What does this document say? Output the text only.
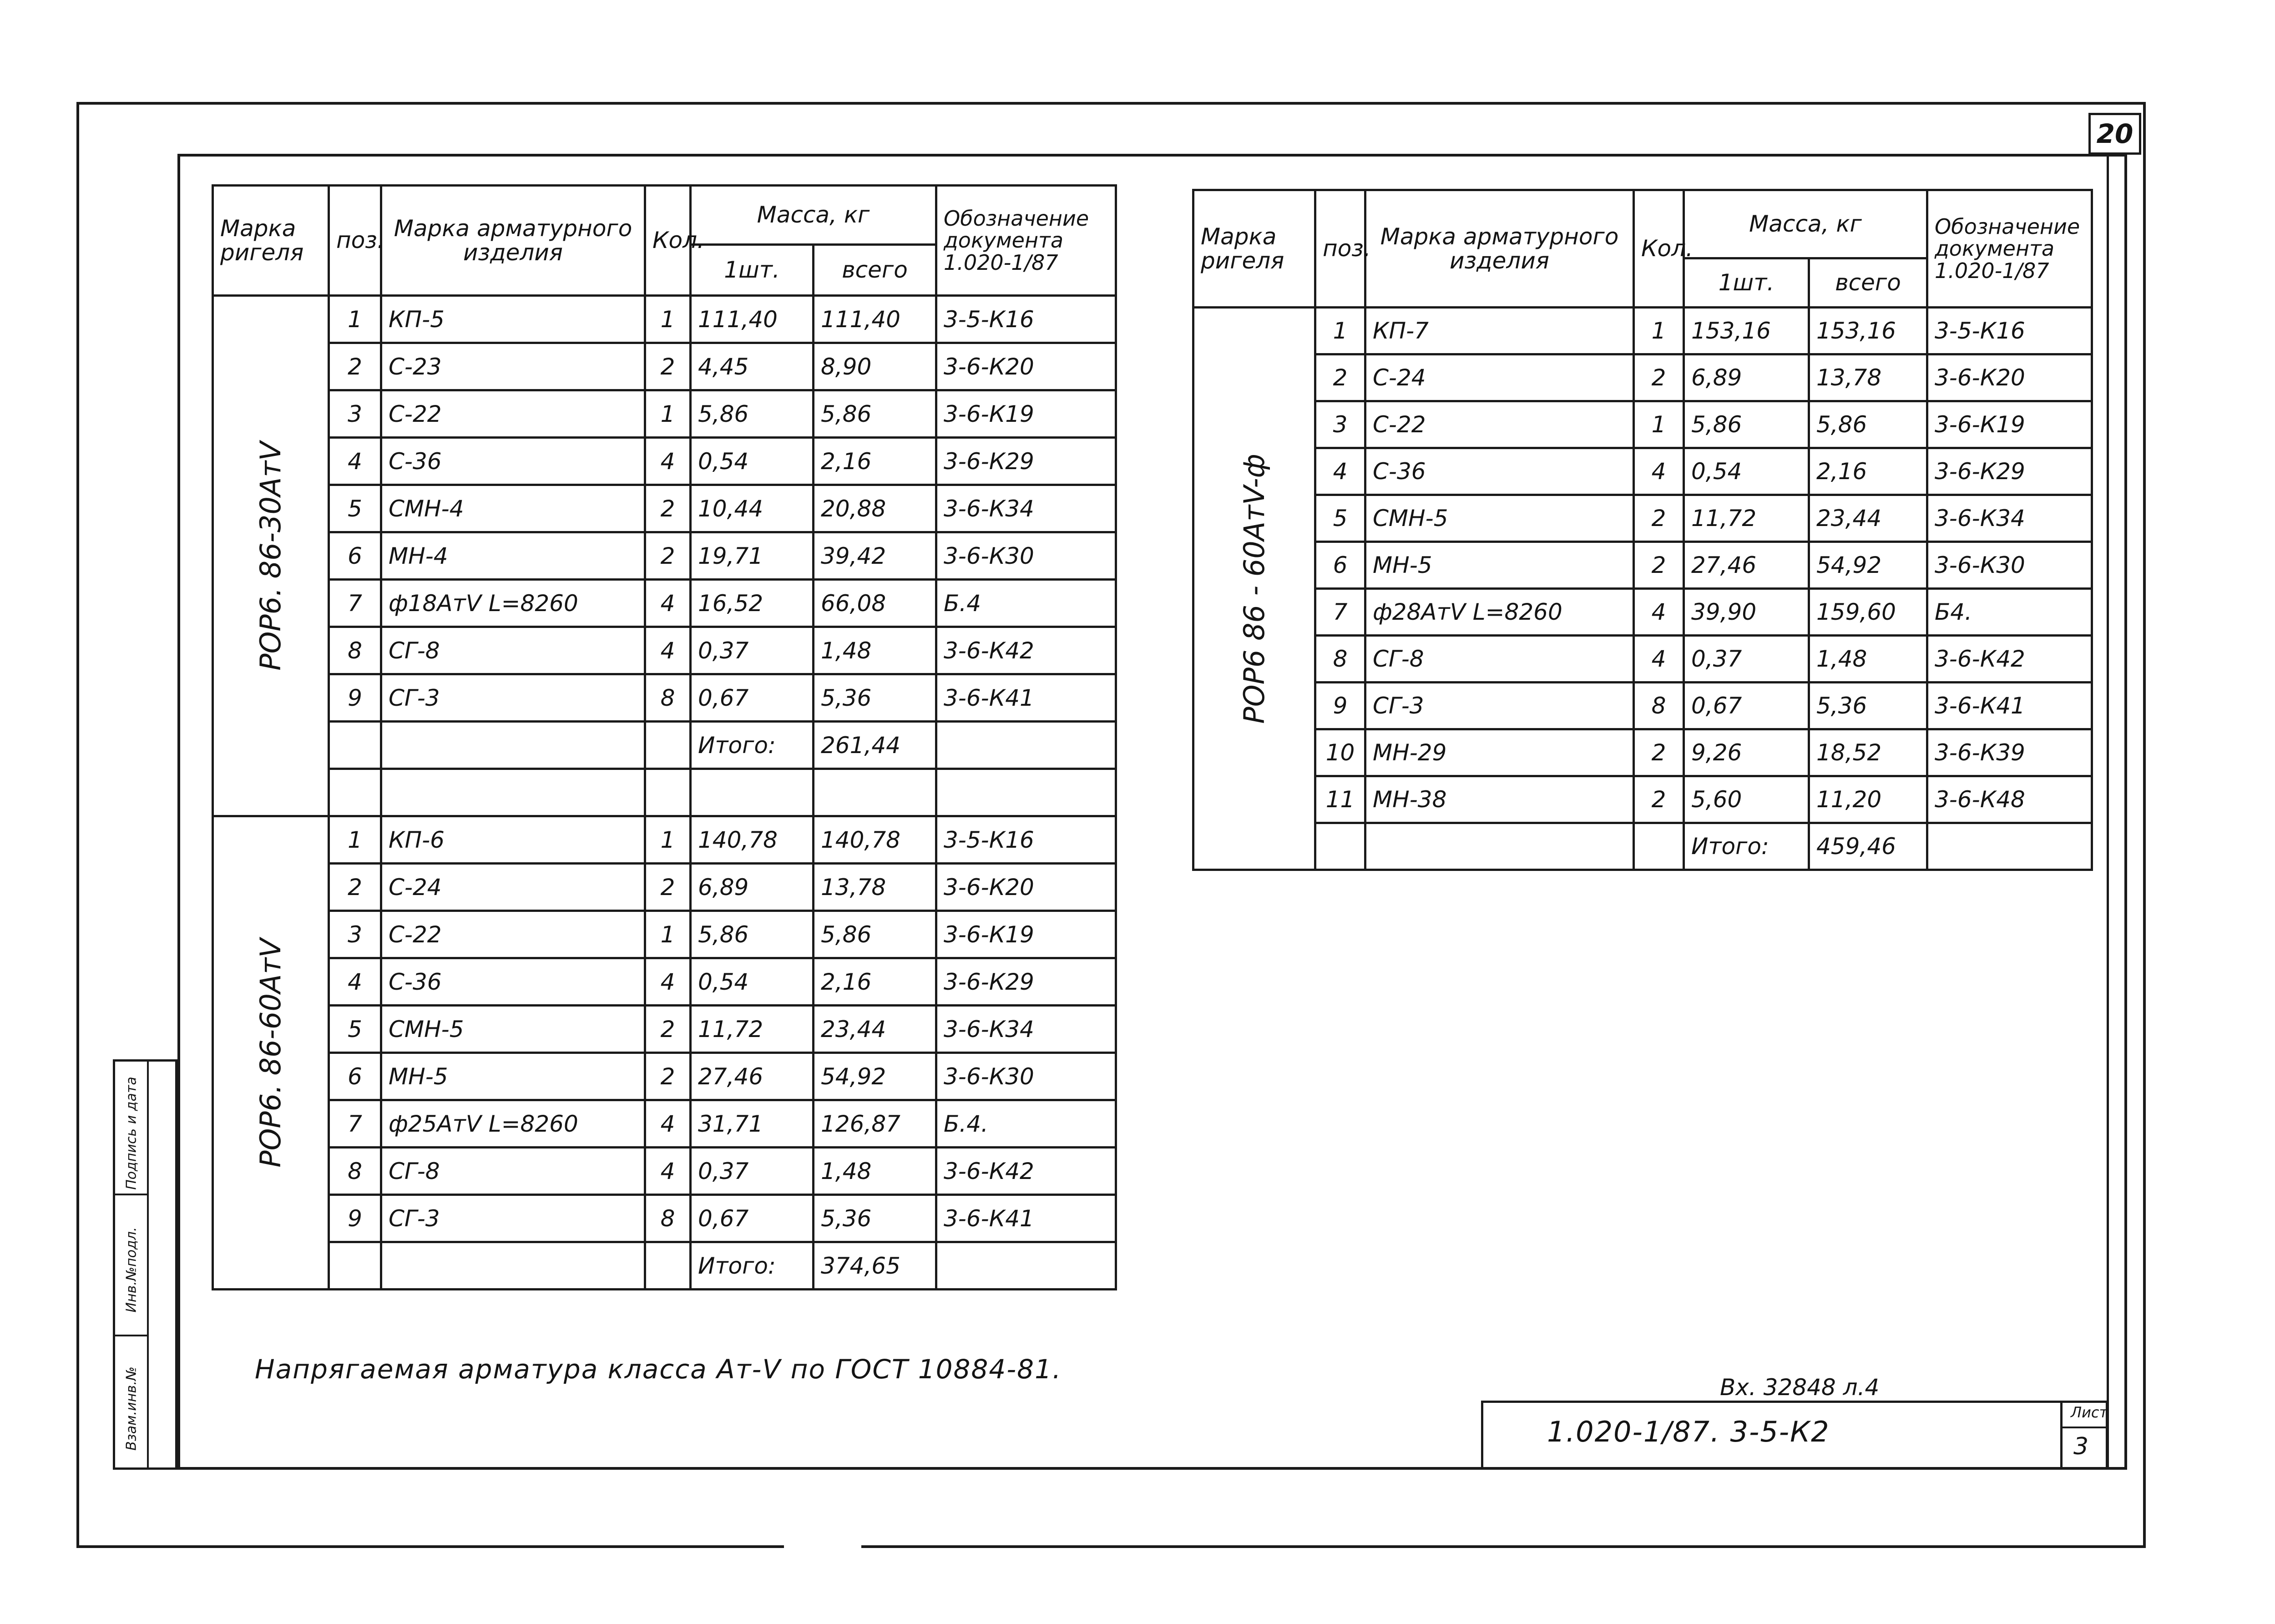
20
Подпись и дата
Инв.№подл.
Взам.инв.№
Марка ригеля	поз.	Марка арматурного изделия	Кол.	Масса, кг		Обозначение документа 1.020-1/87
				1шт.	всего	

РОР6. 86-30АтV	1	КП-5	1	111,40	111,40	3-5-К16
	2	С-23	2	4,45	8,90	3-6-К20
	3	С-22	1	5,86	5,86	3-6-К19
	4	С-36	4	0,54	2,16	3-6-К29
	5	СМН-4	2	10,44	20,88	3-6-К34
	6	МН-4	2	19,71	39,42	3-6-К30
	7	ф18АтV L=8260	4	16,52	66,08	Б.4
	8	СГ-8	4	0,37	1,48	3-6-К42
	9	СГ-3	8	0,67	5,36	3-6-К41
				Итого:	261,44	

РОР6. 86-60АтV	1	КП-6	1	140,78	140,78	3-5-К16
	2	С-24	2	6,89	13,78	3-6-К20
	3	С-22	1	5,86	5,86	3-6-К19
	4	С-36	4	0,54	2,16	3-6-К29
	5	СМН-5	2	11,72	23,44	3-6-К34
	6	МН-5	2	27,46	54,92	3-6-К30
	7	ф25АтV L=8260	4	31,71	126,87	Б.4.
	8	СГ-8	4	0,37	1,48	3-6-К42
	9	СГ-3	8	0,67	5,36	3-6-К41
				Итого:	374,65	
Марка ригеля	поз.	Марка арматурного изделия	Кол.	Масса, кг		Обозначение документа 1.020-1/87
				1шт.	всего	

РОР6 86 - 60АтV-ф	1	КП-7	1	153,16	153,16	3-5-К16
	2	С-24	2	6,89	13,78	3-6-К20
	3	С-22	1	5,86	5,86	3-6-К19
	4	С-36	4	0,54	2,16	3-6-К29
	5	СМН-5	2	11,72	23,44	3-6-К34
	6	МН-5	2	27,46	54,92	3-6-К30
	7	ф28АтV L=8260	4	39,90	159,60	Б4.
	8	СГ-8	4	0,37	1,48	3-6-К42
	9	СГ-3	8	0,67	5,36	3-6-К41
	10	МН-29	2	9,26	18,52	3-6-К39
	11	МН-38	2	5,60	11,20	3-6-К48
				Итого:	459,46	
Напрягаемая арматура класса Ат-V по ГОСТ 10884-81.
Вх. 32848 л.4
1.020-1/87. 3-5-К2
Лист
3
